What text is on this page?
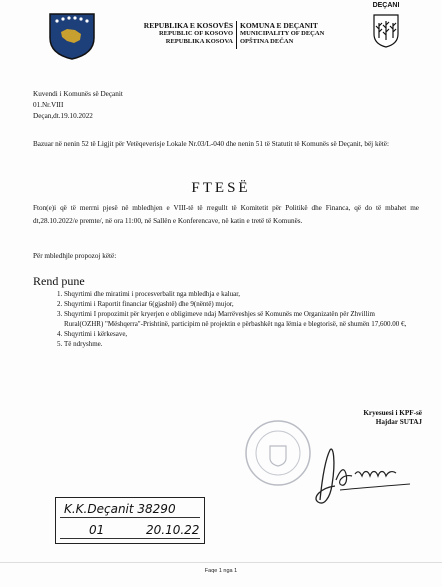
REPUBLIKA E KOSOVËS
REPUBLIC OF KOSOVO
REPUBLIKA KOSOVA
KOMUNA E DEÇANIT
MUNICIPALITY OF DEÇAN
OPŠTINA DEČAN
DEÇANI
Kuvendi i Komunës së Deçanit
01.Nr.VIII
Deçan,dt.19.10.2022
Bazuar në nenin 52 të Ligjit për Vetëqeverisje Lokale Nr.03/L-040 dhe nenin 51 të Statutit të Komunës së Deçanit, bëj këtë:
FTESË
Fton(e)i që të merrni pjesë në mbledhjen e VIII-të të rregullt të Komitetit për Politikë dhe Financa, që do të mbahet me dt,28.10.2022/e premte/, në ora 11:00, në Sallën e Konferencave, në katin e tretë të Komunës.
Për mbledhjle propozoj këtë:
Rend pune
1. Shqyrtimi dhe miratimi i procesverbalit nga mbledhja e kaluar,
2. Shqyrtimi i Raportit financiar 6(gjashtë) dhe 9(nëntë) mujor,
3. Shqyrtimi I propozimit për kryerjen e obligimeve ndaj Marrëveshjes së Komunës me Organizatën për Zhvillim Rural(OZHR) "Mëshqerra"-Prishtinë, participim në projektin e përbashkët nga lëmia e blegtorisë, në shumën 17,600.00 €,
4. Shqyrtimi i kërkesave,
5. Të ndryshme.
Kryesuesi i KPF-së
Hajdar SUTAJ
K.K.Deçanit 38290
01	20.10.22
Faqe 1 nga 1
